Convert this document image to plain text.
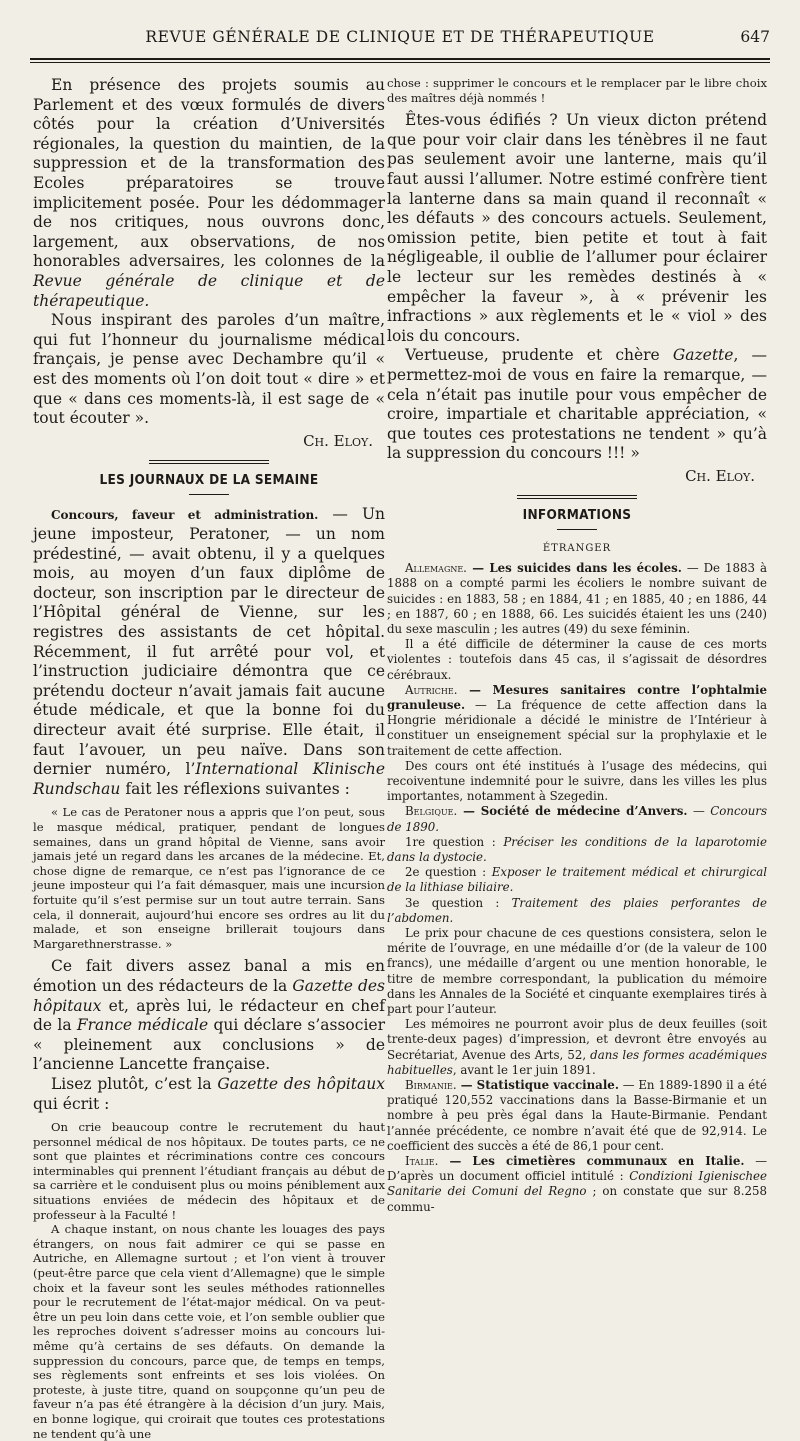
REVUE GÉNÉRALE DE CLINIQUE ET DE THÉRAPEUTIQUE	647

En présence des projets soumis au Parlement et des vœux formulés de divers côtés pour la création d’Universités régionales, la question du maintien, de la suppression et de la transformation des Ecoles préparatoires se trouve implicitement posée. Pour les dédommager de nos critiques, nous ouvrons donc, largement, aux observations, de nos honorables adversaires, les colonnes de la Revue générale de clinique et de thérapeutique.

Nous inspirant des paroles d’un maître, qui fut l’honneur du journalisme médical français, je pense avec Dechambre qu’il « est des moments où l’on doit tout « dire » et que « dans ces moments-là, il est sage de « tout écouter ».

Ch. Eloy.
LES JOURNAUX DE LA SEMAINE

Concours, faveur et administration. — Un jeune imposteur, Peratoner, — un nom prédestiné, — avait obtenu, il y a quelques mois, au moyen d’un faux diplôme de docteur, son inscription par le directeur de l’Hôpital général de Vienne, sur les registres des assistants de cet hôpital. Récemment, il fut arrêté pour vol, et l’instruction judiciaire démontra que ce prétendu docteur n’avait jamais fait aucune étude médicale, et que la bonne foi du directeur avait été surprise. Elle était, il faut l’avouer, un peu naïve. Dans son dernier numéro, l’International Klinische Rundschau fait les réflexions suivantes :

« Le cas de Peratoner nous a appris que l’on peut, sous le masque médical, pratiquer, pendant de longues semaines, dans un grand hôpital de Vienne, sans avoir jamais jeté un regard dans les arcanes de la médecine. Et, chose digne de remarque, ce n’est pas l’ignorance de ce jeune imposteur qui l’a fait démasquer, mais une incursion fortuite qu’il s’est permise sur un tout autre terrain. Sans cela, il donnerait, aujourd’hui encore ses ordres au lit du malade, et son enseigne brillerait toujours dans Margarethnerstrasse. »

Ce fait divers assez banal a mis en émotion un des rédacteurs de la Gazette des hôpitaux et, après lui, le rédacteur en chef de la France médicale qui déclare s’associer « pleinement aux conclusions » de l’ancienne Lancette française.

Lisez plutôt, c’est la Gazette des hôpitaux qui écrit :

On crie beaucoup contre le recrutement du haut personnel médical de nos hôpitaux. De toutes parts, ce ne sont que plaintes et récriminations contre ces concours interminables qui prennent l’étudiant français au début de sa carrière et le conduisent plus ou moins péniblement aux situations enviées de médecin des hôpitaux et de professeur à la Faculté !

A chaque instant, on nous chante les louages des pays étrangers, on nous fait admirer ce qui se passe en Autriche, en Allemagne surtout ; et l’on vient à trouver (peut-être parce que cela vient d’Allemagne) que le simple choix et la faveur sont les seules méthodes rationnelles pour le recrutement de l’état-major médical. On va peut-être un peu loin dans cette voie, et l’on semble oublier que les reproches doivent s’adresser moins au concours lui-même qu’à certains de ses défauts. On demande la suppression du concours, parce que, de temps en temps, ses règlements sont enfreints et ses lois violées. On proteste, à juste titre, quand on soupçonne qu’un peu de faveur n’a pas été étrangère à la décision d’un jury. Mais, en bonne logique, qui croirait que toutes ces protestations ne tendent qu’à une

chose : supprimer le concours et le remplacer par le libre choix des maîtres déjà nommés !

Êtes-vous édifiés ? Un vieux dicton prétend que pour voir clair dans les ténèbres il ne faut pas seulement avoir une lanterne, mais qu’il faut aussi l’allumer. Notre estimé confrère tient la lanterne dans sa main quand il reconnaît « les défauts » des concours actuels. Seulement, omission petite, bien petite et tout à fait négligeable, il oublie de l’allumer pour éclairer le lecteur sur les remèdes destinés à « empêcher la faveur », à « prévenir les infractions » aux règlements et le « viol » des lois du concours.

Vertueuse, prudente et chère Gazette, — permettez-moi de vous en faire la remarque, — cela n’était pas inutile pour vous empêcher de croire, impartiale et charitable appréciation, « que toutes ces protestations ne tendent » qu’à la suppression du concours !!! »

Ch. Eloy.
INFORMATIONS
ÉTRANGER

Allemagne. — Les suicides dans les écoles. — De 1883 à 1888 on a compté parmi les écoliers le nombre suivant de suicides : en 1883, 58 ; en 1884, 41 ; en 1885, 40 ; en 1886, 44 ; en 1887, 60 ; en 1888, 66. Les suicidés étaient les uns (240) du sexe masculin ; les autres (49) du sexe féminin.

Il a été difficile de déterminer la cause de ces morts violentes : toutefois dans 45 cas, il s’agissait de désordres cérébraux.

Autriche. — Mesures sanitaires contre l’ophtalmie granuleuse. — La fréquence de cette affection dans la Hongrie méridionale a décidé le ministre de l’Intérieur à constituer un enseignement spécial sur la prophylaxie et le traitement de cette affection.

Des cours ont été institués à l’usage des médecins, qui recoiventune indemnité pour le suivre, dans les villes les plus importantes, notamment à Szegedin.

Belgique. — Société de médecine d’Anvers. — Concours de 1890.

1re question : Préciser les conditions de la laparotomie dans la dystocie.

2e question : Exposer le traitement médical et chirurgical de la lithiase biliaire.

3e question : Traitement des plaies perforantes de l’abdomen.

Le prix pour chacune de ces questions consistera, selon le mérite de l’ouvrage, en une médaille d’or (de la valeur de 100 francs), une médaille d’argent ou une mention honorable, le titre de membre correspondant, la publication du mémoire dans les Annales de la Société et cinquante exemplaires tirés à part pour l’auteur.

Les mémoires ne pourront avoir plus de deux feuilles (soit trente-deux pages) d’impression, et devront être envoyés au Secrétariat, Avenue des Arts, 52, dans les formes académiques habituelles, avant le 1er juin 1891.

Birmanie. — Statistique vaccinale. — En 1889-1890 il a été pratiqué 120,552 vaccinations dans la Basse-Birmanie et un nombre à peu près égal dans la Haute-Birmanie. Pendant l’année précédente, ce nombre n’avait été que de 92,914. Le coefficient des succès a été de 86,1 pour cent.

Italie. — Les cimetières communaux en Italie. — D’après un document officiel intitulé : Condizioni Igienischee Sanitarie dei Comuni del Regno ; on constate que sur 8.258 commu-
